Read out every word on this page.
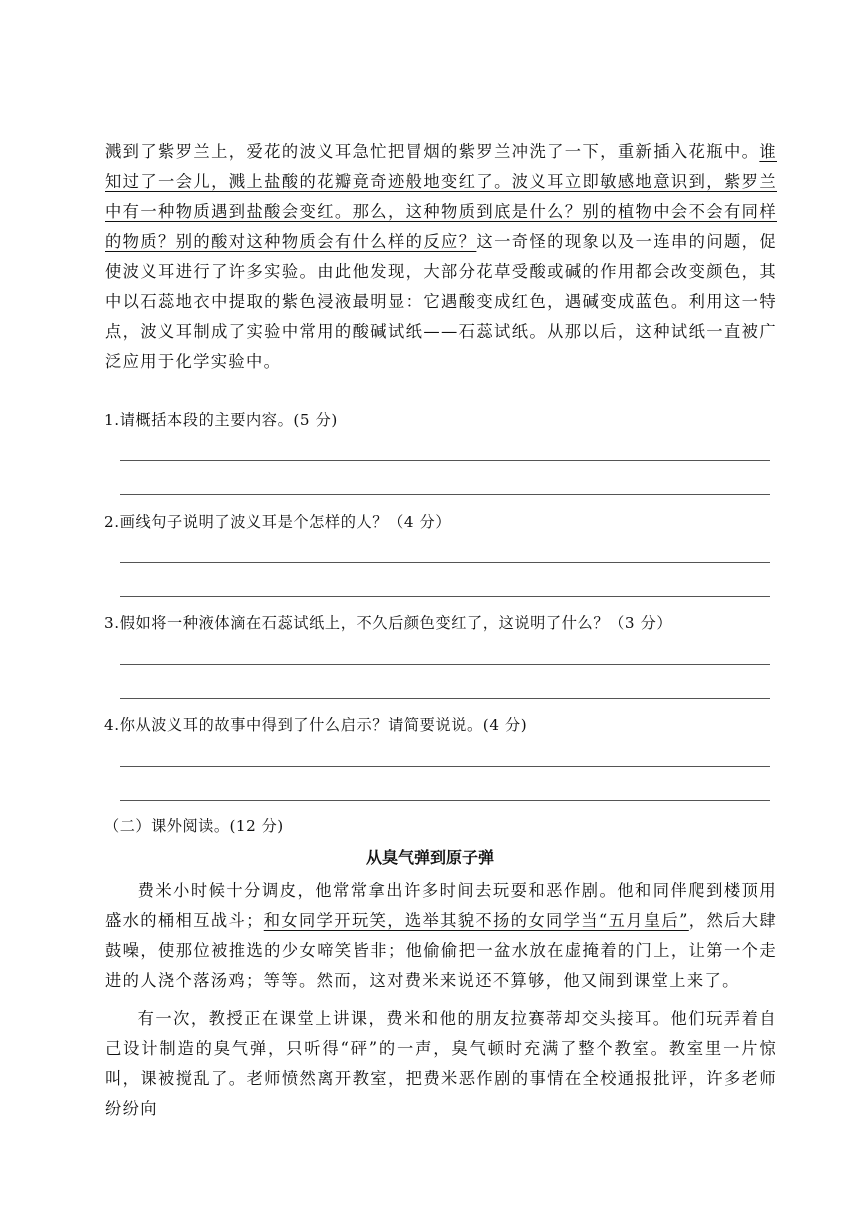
溅到了紫罗兰上，爱花的波义耳急忙把冒烟的紫罗兰冲洗了一下，重新插入花瓶中。谁知过了一会儿，溅上盐酸的花瓣竟奇迹般地变红了。波义耳立即敏感地意识到，紫罗兰中有一种物质遇到盐酸会变红。那么，这种物质到底是什么？别的植物中会不会有同样的物质？别的酸对这种物质会有什么样的反应？这一奇怪的现象以及一连串的问题，促使波义耳进行了许多实验。由此他发现，大部分花草受酸或碱的作用都会改变颜色，其中以石蕊地衣中提取的紫色浸液最明显：它遇酸变成红色，遇碱变成蓝色。利用这一特点，波义耳制成了实验中常用的酸碱试纸——石蕊试纸。从那以后，这种试纸一直被广泛应用于化学实验中。

1.请概括本段的主要内容。(5 分)
2.画线句子说明了波义耳是个怎样的人？（4 分）
3.假如将一种液体滴在石蕊试纸上，不久后颜色变红了，这说明了什么？（3 分）
4.你从波义耳的故事中得到了什么启示？请简要说说。(4 分)
（二）课外阅读。(12 分)
从臭气弹到原子弹

费米小时候十分调皮，他常常拿出许多时间去玩耍和恶作剧。他和同伴爬到楼顶用盛水的桶相互战斗；和女同学开玩笑，选举其貌不扬的女同学当“五月皇后”，然后大肆鼓噪，使那位被推选的少女啼笑皆非；他偷偷把一盆水放在虚掩着的门上，让第一个走进的人浇个落汤鸡；等等。然而，这对费米来说还不算够，他又闹到课堂上来了。

有一次，教授正在课堂上讲课，费米和他的朋友拉赛蒂却交头接耳。他们玩弄着自己设计制造的臭气弹，只听得“砰”的一声，臭气顿时充满了整个教室。教室里一片惊叫，课被搅乱了。老师愤然离开教室，把费米恶作剧的事情在全校通报批评，许多老师纷纷向
